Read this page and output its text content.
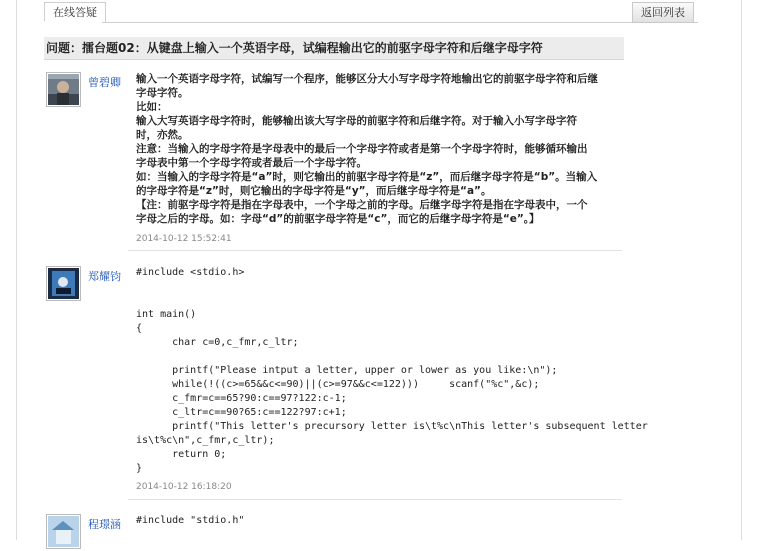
在线答疑	返回列表
问题：擂台题02：从键盘上输入一个英语字母，试编程输出它的前驱字母字符和后继字母字符
曾碧卿 输入一个英语字母字符，试编写一个程序，能够区分大小写字母字符地输出它的前驱字母字符和后继
字母字符。
比如：
输入大写英语字母字符时，能够输出该大写字母的前驱字符和后继字符。对于输入小写字母字符
时，亦然。
注意：当输入的字母字符是字母表中的最后一个字母字符或者是第一个字母字符时，能够循环输出
字母表中第一个字母字符或者最后一个字母字符。
如：当输入的字母字符是“a”时，则它输出的前驱字母字符是“z”，而后继字母字符是“b”。当输入
的字母字符是“z”时，则它输出的字母字符是“y”，而后继字母字符是“a”。
【注：前驱字母字符是指在字母表中，一个字母之前的字母。后继字母字符是指在字母表中，一个
字母之后的字母。如：字母“d”的前驱字母字符是“c”，而它的后继字母字符是“e”。】
2014-10-12 15:52:41
郑耀钧 #include <stdio.h>
int main()
{
char c=0,c_fmr,c_ltr;
printf("Please intput a letter, upper or lower as you like:\n");
while(!((c>=65&&c<=90)||(c>=97&&c<=122)))     scanf("%c",&c);
c_fmr=c==65?90:c==97?122:c-1;
c_ltr=c==90?65:c==122?97:c+1;
printf("This letter's precursory letter is\t%c\nThis letter's subsequent letter
is\t%c\n",c_fmr,c_ltr);
return 0;
}
2014-10-12 16:18:20
程璟涵 #include "stdio.h"
